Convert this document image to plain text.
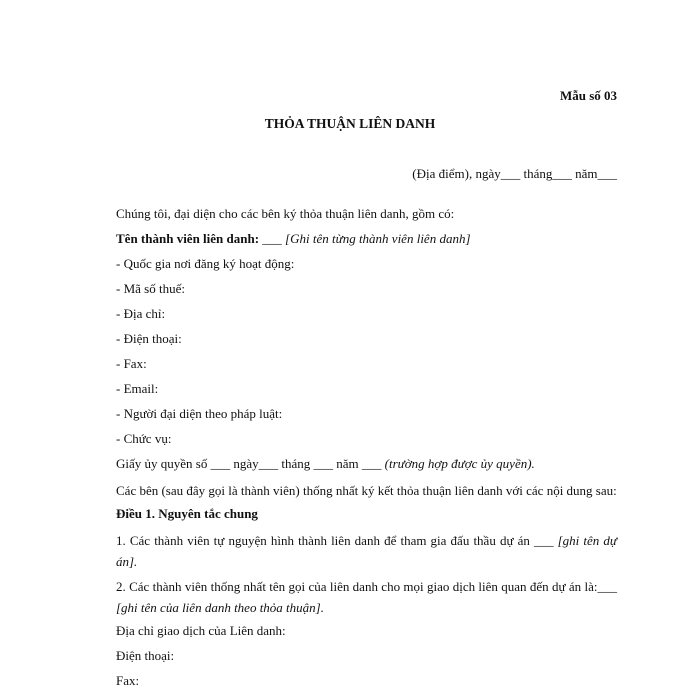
Mẫu số 03
THỎA THUẬN LIÊN DANH
(Địa điểm), ngày___ tháng___ năm___
Chúng tôi, đại diện cho các bên ký thỏa thuận liên danh, gồm có:
Tên thành viên liên danh: ___ [Ghi tên từng thành viên liên danh]
- Quốc gia nơi đăng ký hoạt động:
- Mã số thuế:
- Địa chỉ:
- Điện thoại:
- Fax:
- Email:
- Người đại diện theo pháp luật:
- Chức vụ:
Giấy ủy quyền số ___ ngày___ tháng ___ năm ___ (trường hợp được ủy quyền).
Các bên (sau đây gọi là thành viên) thống nhất ký kết thỏa thuận liên danh với các nội dung sau:
Điều 1. Nguyên tắc chung
1. Các thành viên tự nguyện hình thành liên danh để tham gia đấu thầu dự án ___ [ghi tên dự án].
2. Các thành viên thống nhất tên gọi của liên danh cho mọi giao dịch liên quan đến dự án là:___ [ghi tên của liên danh theo thỏa thuận].
Địa chỉ giao dịch của Liên danh:
Điện thoại:
Fax:
